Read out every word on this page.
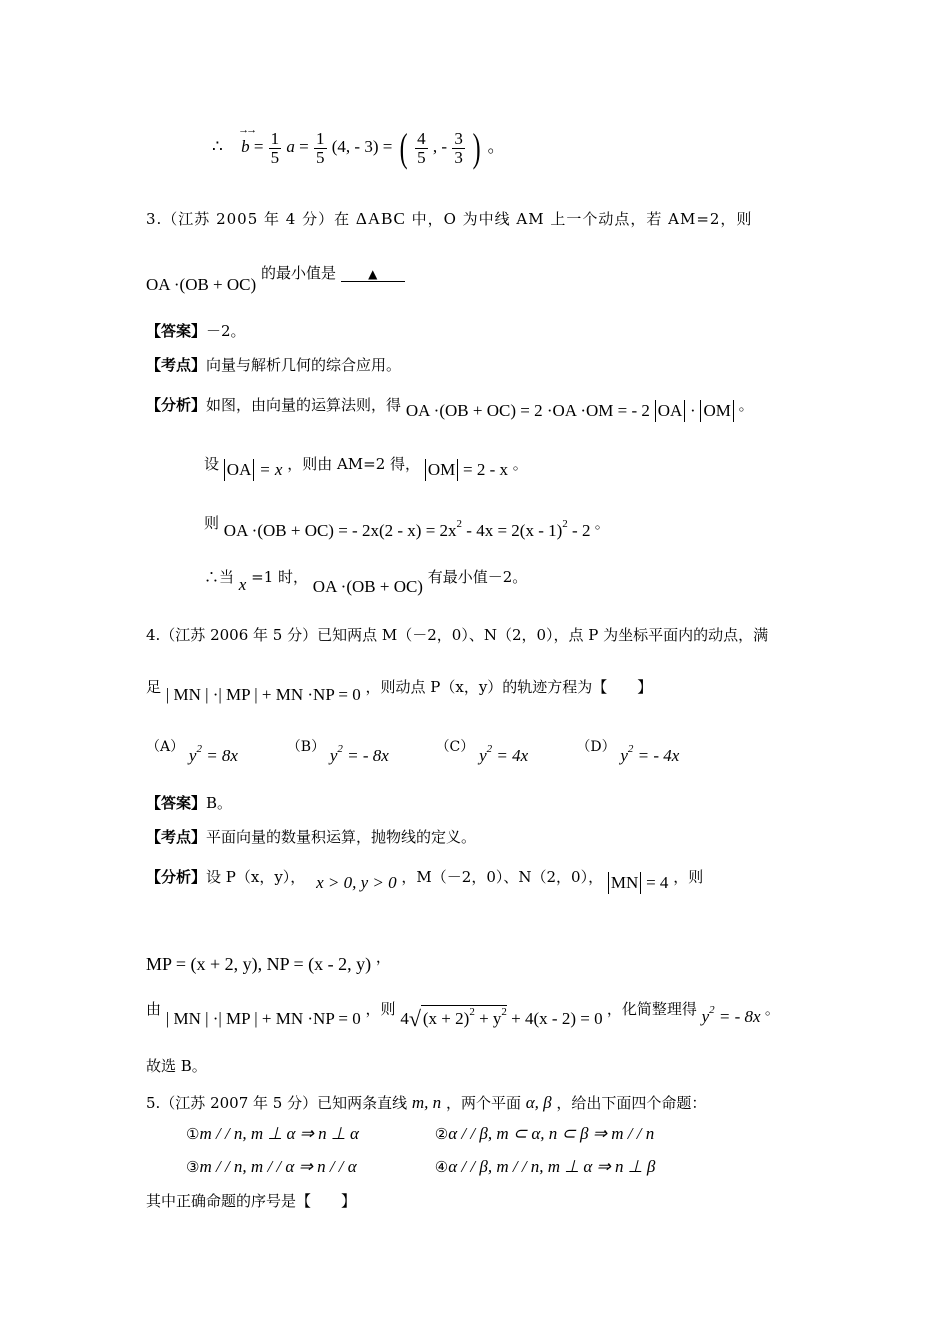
∴
→→
$b = \frac{1}{5}$ $a = \frac{1}{5} (4$, - 3) = ( $\frac{4}{5}$ , - $\frac{3}{3}$ ) 。
3.（江苏 2005 年 4 分）在 ΔABC 中，O 为中线 AM 上一个动点，若 AM=2，则
OA ·(OB + OC) 的最小值是	▲
【答案】－2。
【考点】向量与解析几何的综合应用。
【分析】如图，由向量的运算法则，得 OA ·(OB + OC) = 2 ·OA ·OM = - 2 OA · OM 。
设 OA = x ，则由 AM=2 得， OM = 2 - x 。
则 OA ·(OB + OC) = - $2x(2 - x) = 2x^2 - 4x = 2(x - 1)^2 - 2$ 。
∴当 x =1 时， OA ·(OB + OC) 有最小值－2。
4.（江苏 2006 年 5 分）已知两点 M（－2，0）、N（2，0），点 P 为坐标平面内的动点，满
足 | MN | ·| MP | + MN ·NP = 0 ，则动点 P（x，y）的轨迹方程为【　　】
（A） $y^2 = 8x$	（B） $y^2$ = - 8x	（C） $y^2 = 4x$	（D） $y^2$ = - 4x
【答案】B。
【考点】平面向量的数量积运算，抛物线的定义。
【分析】设 P（x，y）， x > 0, y > 0 ，M（－2，0）、N（2，0）， MN = 4 ，则
MP = (x + 2, y), NP = (x - 2, y) ，
由 | MN | ·| MP | + MN ·NP = 0 ，则 4√ $(x + 2)^2 + y^2 + 4(x - 2) = 0$ ，化简整理得 $y^2$ = - 8x 。
故选 B。
5.（江苏 2007 年 5 分）已知两条直线 m, n ，两个平面 α, β ，给出下面四个命题：
①m / / n, m ⊥ α ⇒ n ⊥ α	②α / / β, m ⊂ α, n ⊂ β ⇒ m / / n
③m / / n, m / / α ⇒ n / / α	④α / / β, m / / n, m ⊥ α ⇒ n ⊥ β
其中正确命题的序号是【　　】
